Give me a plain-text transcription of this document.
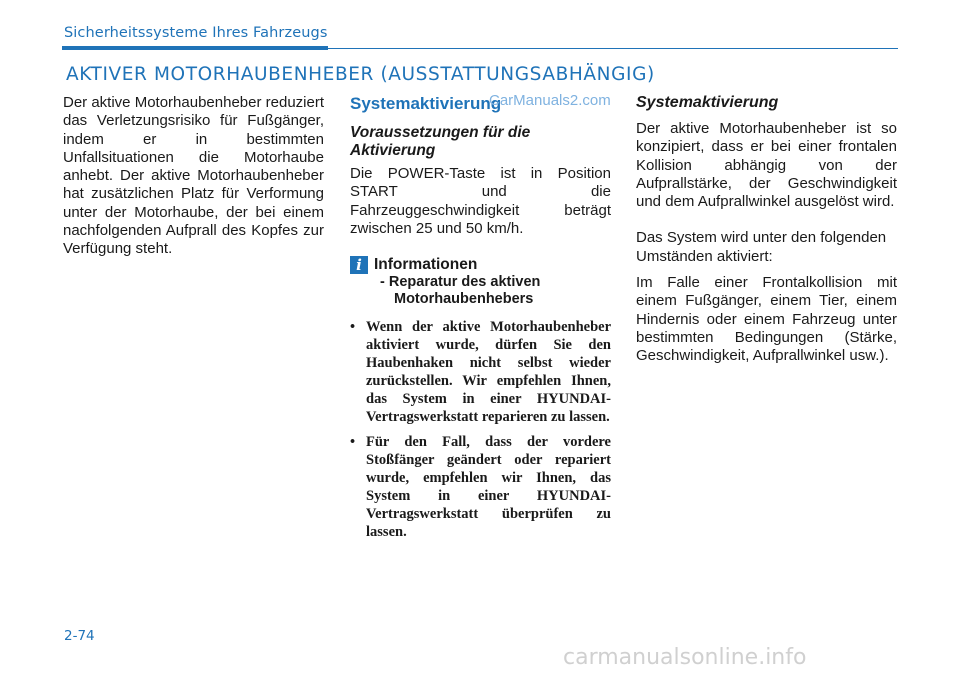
Sicherheitssysteme Ihres Fahrzeugs
AKTIVER MOTORHAUBENHEBER (AUSSTATTUNGSABHÄNGIG)

Der aktive Motorhaubenheber reduziert das Verletzungsrisiko für Fußgänger, indem er in bestimmten Unfallsituationen die Motorhaube anhebt. Der aktive Motorhaubenheber hat zusätzlichen Platz für Verformung unter der Motorhaube, der bei einem nachfolgenden Aufprall des Kopfes zur Verfügung steht.

Systemaktivierung
Voraussetzungen für die Aktivierung

Die POWER-Taste ist in Position START und die Fahrzeuggeschwindigkeit beträgt zwischen 25 und 50 km/h.

i Informationen
- Reparatur des aktiven Motorhaubenhebers
• Wenn der aktive Motorhaubenheber aktiviert wurde, dürfen Sie den Haubenhaken nicht selbst wieder zurückstellen. Wir empfehlen Ihnen, das System in einer HYUNDAI-Vertragswerkstatt reparieren zu lassen.
• Für den Fall, dass der vordere Stoßfänger geändert oder repariert wurde, empfehlen wir Ihnen, das System in einer HYUNDAI-Vertragswerkstatt überprüfen zu lassen.
CarManuals2.com Systemaktivierung

Der aktive Motorhaubenheber ist so konzipiert, dass er bei einer frontalen Kollision abhängig von der Aufprallstärke, der Geschwindigkeit und dem Aufprallwinkel ausgelöst wird.

Das System wird unter den folgenden Umständen aktiviert:

Im Falle einer Frontalkollision mit einem Fußgänger, einem Tier, einem Hindernis oder einem Fahrzeug unter bestimmten Bedingungen (Stärke, Geschwindigkeit, Aufprallwinkel usw.).

2-74
carmanualsonline.info
